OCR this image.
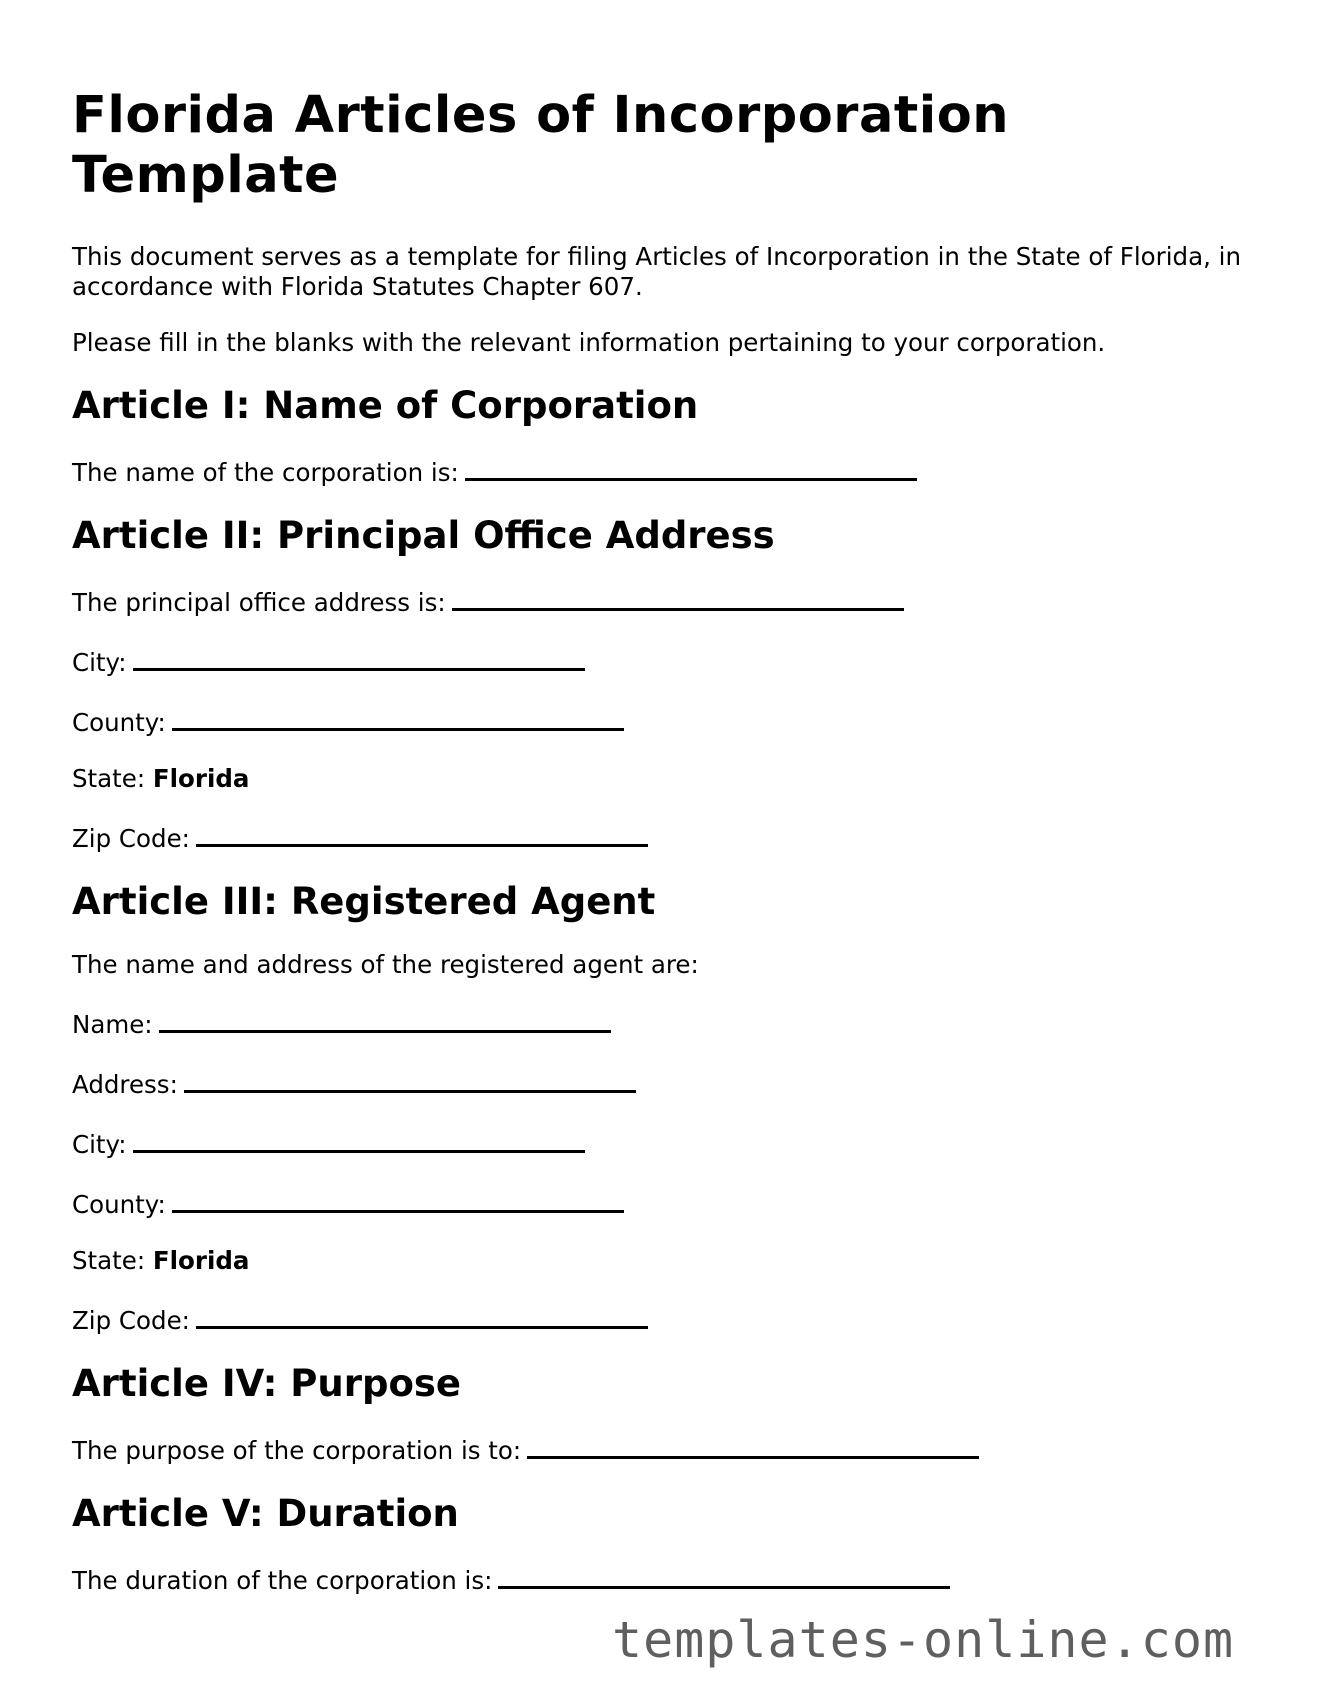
Florida Articles of Incorporation Template

This document serves as a template for filing Articles of Incorporation in the State of Florida, in accordance with Florida Statutes Chapter 607.

Please fill in the blanks with the relevant information pertaining to your corporation.

Article I: Name of Corporation
The name of the corporation is:
Article II: Principal Office Address
The principal office address is:
City:
County:
State: Florida
Zip Code:
Article III: Registered Agent

The name and address of the registered agent are:

Name:
Address:
City:
County:
State: Florida
Zip Code:
Article IV: Purpose
The purpose of the corporation is to:
Article V: Duration
The duration of the corporation is:
templates-online.com
